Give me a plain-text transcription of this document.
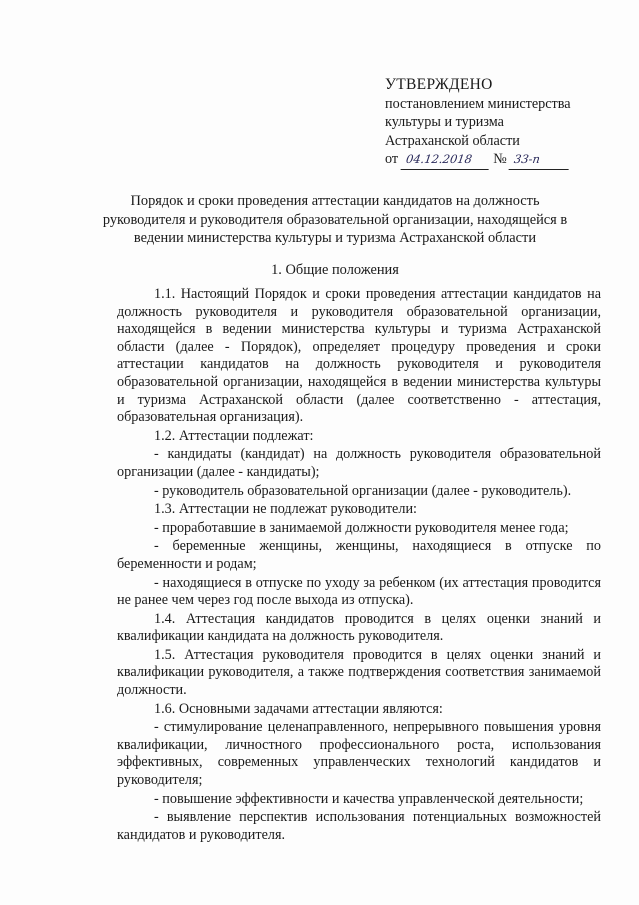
УТВЕРЖДЕНО
постановлением министерства
культуры и туризма
Астраханской области
от 04.12.2018 № 33-п
Порядок и сроки проведения аттестации кандидатов на должность руководителя и руководителя образовательной организации, находящейся в ведении министерства культуры и туризма Астраханской области
1. Общие положения

1.1. Настоящий Порядок и сроки проведения аттестации кандидатов на должность руководителя и руководителя образовательной организации, находящейся в ведении министерства культуры и туризма Астраханской области (далее - Порядок), определяет процедуру проведения и сроки аттестации кандидатов на должность руководителя и руководителя образовательной организации, находящейся в ведении министерства культуры и туризма Астраханской области (далее соответственно - аттестация, образовательная организация).

1.2. Аттестации подлежат:

- кандидаты (кандидат) на должность руководителя образовательной организации (далее - кандидаты);

- руководитель образовательной организации (далее - руководитель).

1.3. Аттестации не подлежат руководители:

- проработавшие в занимаемой должности руководителя менее года;

- беременные женщины, женщины, находящиеся в отпуске по беременности и родам;

- находящиеся в отпуске по уходу за ребенком (их аттестация проводится не ранее чем через год после выхода из отпуска).

1.4. Аттестация кандидатов проводится в целях оценки знаний и квалификации кандидата на должность руководителя.

1.5. Аттестация руководителя проводится в целях оценки знаний и квалификации руководителя, а также подтверждения соответствия занимаемой должности.

1.6. Основными задачами аттестации являются:

- стимулирование целенаправленного, непрерывного повышения уровня квалификации, личностного профессионального роста, использования эффективных, современных управленческих технологий кандидатов и руководителя;

- повышение эффективности и качества управленческой деятельности;

- выявление перспектив использования потенциальных возможностей кандидатов и руководителя.
